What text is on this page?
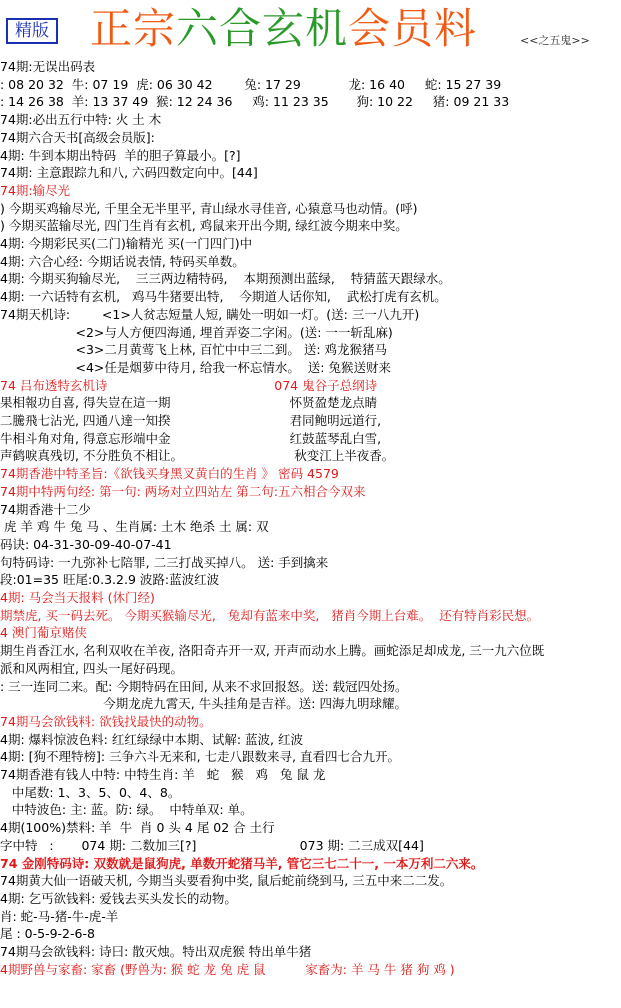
精版 正宗六合玄机会员料	<<之五鬼>>
74期:无误出码表
: 08 20 32  牛: 07 19  虎: 06 30 42        兔: 17 29            龙: 16 40     蛇: 15 27 39
: 14 26 38  羊: 13 37 49  猴: 12 24 36     鸡: 11 23 35       狗: 10 22     猪: 09 21 33
74期:必出五行中特: 火 土 木
74期六合天书[高级会员版]:
4期: 牛到本期出特码  羊的胆子算最小。[?]
74期: 主意跟踪九和八, 六码四数定向中。[44]
74期:输尽光
) 今期买鸡输尽光, 千里全无半里平, 青山绿水寻佳音, 心猿意马也动情。(呼)
) 今期买蓝输尽光, 四门生肖有玄机, 鸡鼠来开出今期, 绿红波今期来中奖。
4期: 今期彩民买(二门)输精光 买(一门四门)中
4期: 六合心经: 今期话说表情, 特码买单数。
4期: 今期买狗输尽光,    三三两边精特码,    本期预测出蓝绿,    特猜蓝天跟绿水。
4期: 一六话特有玄机,   鸡马牛猪要出特,    今期道人话你知,    武松打虎有玄机。
74期天机诗:        <1>人贫志短量人短, 瞒处一明如一灯。(送: 三一八九开)
<2>与人方便四海通, 埋首弄姿二字闲。(送: 一一斩乱麻)
<3>二月黄莺飞上林, 百忙中中三二到。 送: 鸡龙猴猪马
<4>任是烟萝中待月, 给我一杯忘情水。  送: 兔猴送财来
74 吕布透特玄机诗                                          074 鬼谷子总纲诗
果相報功自喜, 得失豈在這一期                              怀贤盈楚龙点睛
二騰飛七沾光, 四通八達一知揆                              君同鲍明远道行,
牛相斗角对角, 得意忘形端中金                              红鼓蓝琴乱白雪,
声鹤唳真残切, 不分胜负不相让。                            秋变江上半夜香。
74期香港中特圣旨:《欲钱买身黑叉黄白的生肖 》 密码 4579
74期中特两句经: 第一句: 两场对立四站左 第二句:五六相合今双来
74期香港十二少
虎 羊 鸡 牛 兔 马 、生肖属: 土木 绝杀 土 属: 双
码诀: 04-31-30-09-40-07-41
句特码诗: 一九弥补七陪罪, 二三打战买掉八。 送: 手到擒来
段:01=35 旺尾:0.3.2.9 波路:蓝波红波
4期: 马会当天报料 (休门经)
期禁虎, 买一码去死。 今期买猴输尽光,   兔却有蓝来中奖,   猪肖今期上台难。  还有特肖彩民想。
4 澳门葡京赌侠
期生肖香江水, 名利双收在羊夜, 洛阳奇卉开一双, 开声而动水上腾。画蛇添足却成龙, 三一九六位既
派和风两相宜, 四头一尾好码现。
: 三一连同二来。配: 今期特码在田间, 从来不求回报怒。送: 载冠四处扬。
今期龙虎九霄天, 牛头挂角是吉祥。送: 四海九明球耀。
74期马会欲钱料: 欲钱找最快的动物。
4期: 爆料惊波色料: 红红绿绿中本期、试解: 蓝波, 红波
4期: [狗不理特榜]: 三争六斗无来和, 七走八跟数来寻, 直看四七合九开。
74期香港有钱人中特: 中特生肖: 羊   蛇   猴   鸡   兔 鼠 龙
中尾数: 1、3、5、0、4、8。
中特波色: 主: 蓝。防: 绿。  中特单双: 单。
4期(100%)禁料: 羊  牛  肖 0 头 4 尾 02 合 土行
字中特   :       074 期: 二数加三[?]                          073 期: 二三成双[44]
74 金刚特码诗: 双数就是鼠狗虎, 单数开蛇猪马羊, 管它三七二十一, 一本万利二六来。
74期黄大仙一语破天机, 今期当头要看狗中奖, 鼠后蛇前绕到马, 三五中来二二发。
4期: 乞丐欲钱料: 爱钱去买头发长的动物。
肖: 蛇-马-猪-牛-虎-羊
尾 : 0-5-9-2-6-8
74期马会欲钱料: 诗曰: 散灭烛。特出双虎猴 特出单牛猪
4期野兽与家畜: 家畜 (野兽为: 猴 蛇 龙 兔 虎 鼠          家畜为: 羊 马 牛 猪 狗 鸡 )
